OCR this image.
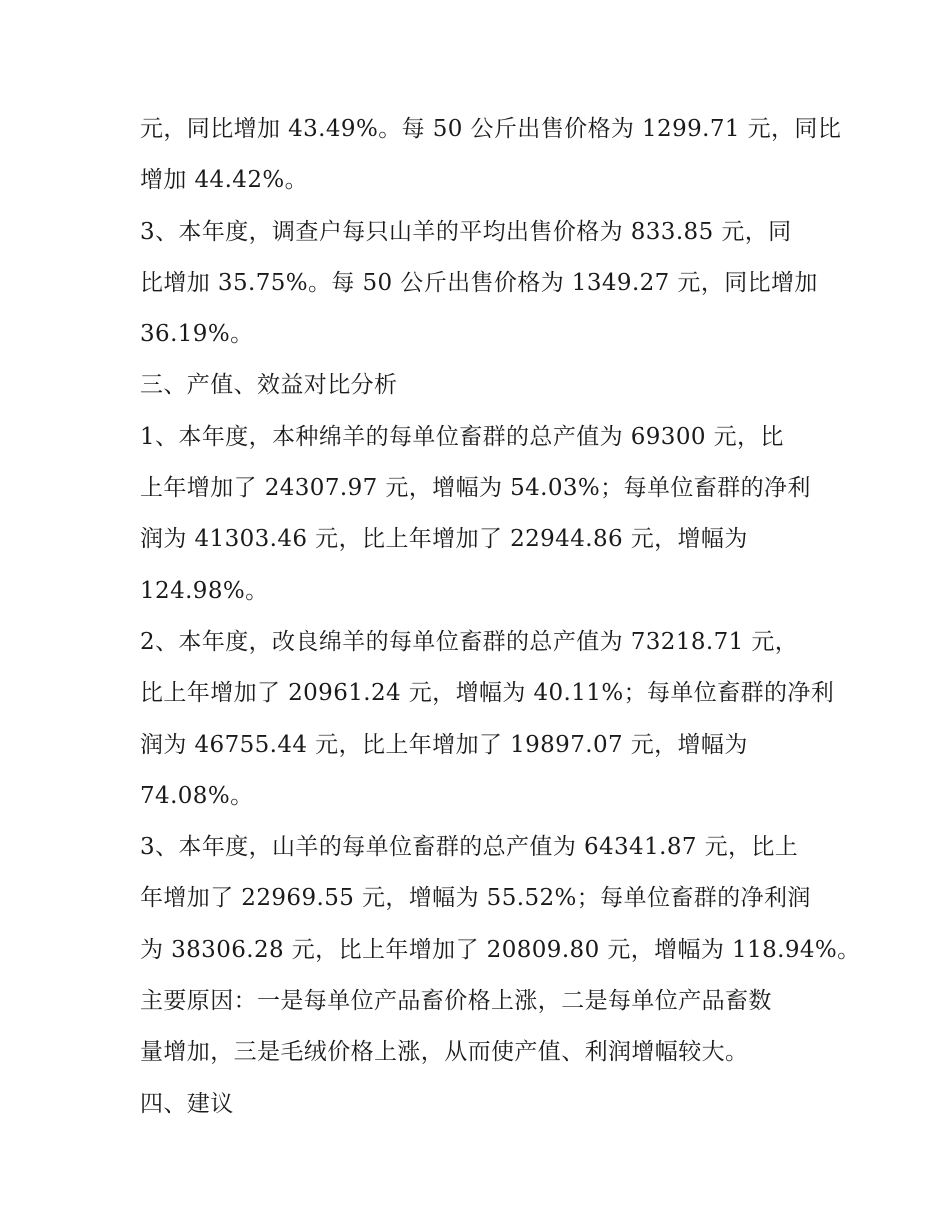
元，同比增加 43.49%。每 50 公斤出售价格为 1299.71 元，同比
增加 44.42%。
3、本年度，调查户每只山羊的平均出售价格为 833.85 元，同
比增加 35.75%。每 50 公斤出售价格为 1349.27 元，同比增加
36.19%。
三、产值、效益对比分析
1、本年度，本种绵羊的每单位畜群的总产值为 69300 元，比
上年增加了 24307.97 元，增幅为 54.03%；每单位畜群的净利
润为 41303.46 元，比上年增加了 22944.86 元，增幅为
124.98%。
2、本年度，改良绵羊的每单位畜群的总产值为 73218.71 元，
比上年增加了 20961.24 元，增幅为 40.11%；每单位畜群的净利
润为 46755.44 元，比上年增加了 19897.07 元，增幅为
74.08%。
3、本年度，山羊的每单位畜群的总产值为 64341.87 元，比上
年增加了 22969.55 元，增幅为 55.52%；每单位畜群的净利润
为 38306.28 元，比上年增加了 20809.80 元，增幅为 118.94%。
主要原因：一是每单位产品畜价格上涨，二是每单位产品畜数
量增加，三是毛绒价格上涨，从而使产值、利润增幅较大。
四、建议
